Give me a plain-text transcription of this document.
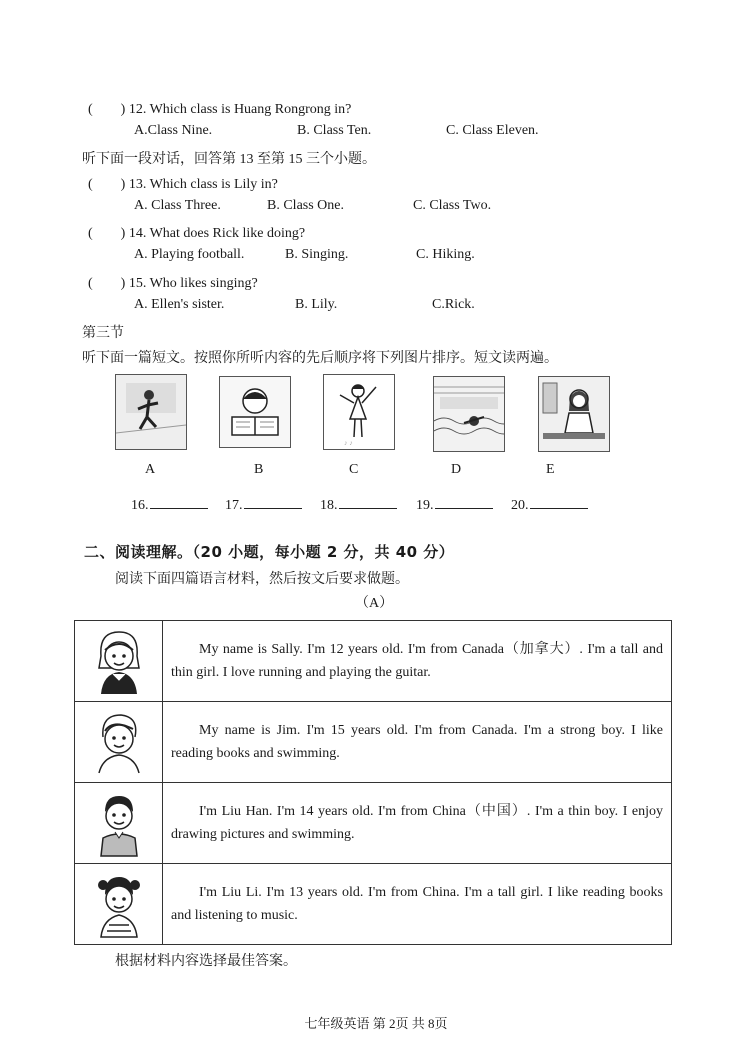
(　　) 12. Which class is Huang Rongrong in?
A.Class Nine.	B. Class Ten.	C. Class Eleven.
听下面一段对话，回答第 13 至第 15 三个小题。
(　　) 13. Which class is Lily in?
A. Class Three.	B. Class One.	C. Class Two.
(　　) 14. What does Rick like doing?
A. Playing football.	B. Singing.	C. Hiking.
(　　) 15. Who likes singing?
A. Ellen's sister.	B. Lily.	C.Rick.
第三节
听下面一篇短文。按照你所听内容的先后顺序将下列图片排序。短文读两遍。
♪ ♪
A	B	C	D	E
16.	17.	18.	19.	20.
二、阅读理解。（20 小题，每小题 2 分，共 40 分）
阅读下面四篇语言材料，然后按文后要求做题。
（A）

My name is Sally. I'm 12 years old. I'm from Canada（加拿大）. I'm a tall and thin girl. I love running and playing the guitar.

My name is Jim. I'm 15 years old. I'm from Canada. I'm a strong boy. I like reading books and swimming.

I'm Liu Han. I'm 14 years old. I'm from China（中国）. I'm a thin boy. I enjoy drawing pictures and swimming.

I'm Liu Li. I'm 13 years old. I'm from China. I'm a tall girl. I like reading books and listening to music.

根据材料内容选择最佳答案。
七年级英语 第 2页 共 8页
